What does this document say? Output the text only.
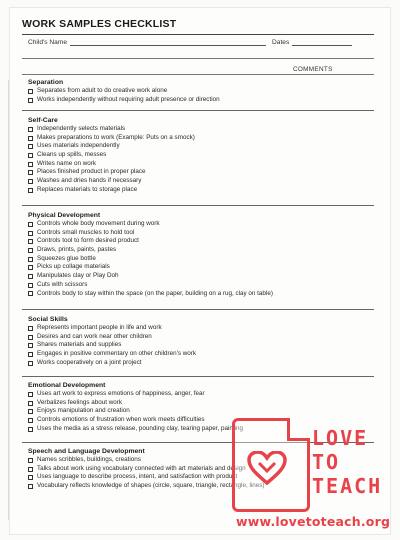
WORK SAMPLES CHECKLIST
Child's Name	Dates
COMMENTS
Separation
Separates from adult to do creative work alone
Works independently without requiring adult presence or direction
Self-Care
Independently selects materials
Makes preparations to work (Example: Puts on a smock)
Uses materials independently
Cleans up spills, messes
Writes name on work
Places finished product in proper place
Washes and dries hands if necessary
Replaces materials to storage place
Physical Development
Controls whole body movement during work
Controls small muscles to hold tool
Controls tool to form desired product
Draws, prints, paints, pastes
Squeezes glue bottle
Picks up collage materials
Manipulates clay or Play Doh
Cuts with scissors
Controls body to stay within the space (on the paper, building on a rug, clay on table)
Social Skills
Represents important people in life and work
Desires and can work near other children
Shares materials and supplies
Engages in positive commentary on other children's work
Works cooperatively on a joint project
Emotional Development
Uses art work to express emotions of happiness, anger, fear
Verbalizes feelings about work
Enjoys manipulation and creation
Controls emotions of frustration when work meets difficulties
Uses the media as a stress release, pounding clay, tearing paper, painting
Speech and Language Development
Names scribbles, buildings, creations
Talks about work using vocabulary connected with art materials and design
Uses language to describe process, intent, and satisfaction with product
Vocabulary reflects knowledge of shapes (circle, square, triangle, rectangle, lines)
LOVE
TO
TEACH
www.lovetoteach.org
